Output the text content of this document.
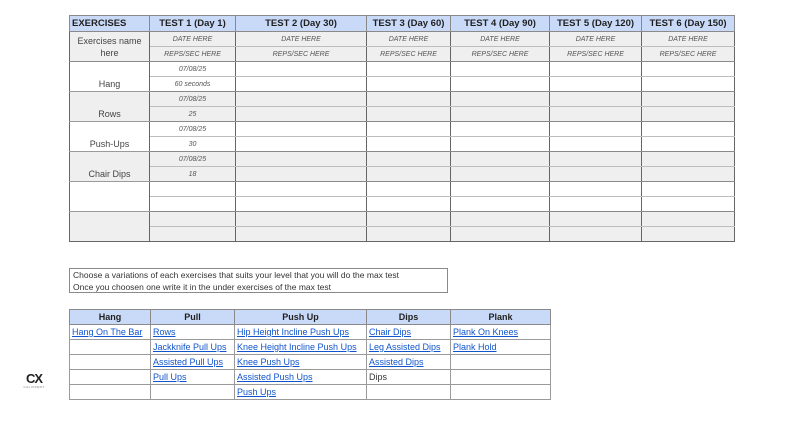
EXERCISES	TEST 1 (Day 1)	TEST 2 (Day 30)	TEST 3 (Day 60)	TEST 4 (Day 90)	TEST 5 (Day 120)	TEST 6 (Day 150)
Exercises name here	DATE HERE	DATE HERE	DATE HERE	DATE HERE	DATE HERE	DATE HERE
	REPS/SEC HERE	REPS/SEC HERE	REPS/SEC HERE	REPS/SEC HERE	REPS/SEC HERE	REPS/SEC HERE
Hang	07/08/25					
	60 seconds					
Rows	07/08/25					
	25					
Push-Ups	07/08/25					
	30					
Chair Dips	07/08/25					
	18					

Choose a variations of each exercises that suits your level that you will do the max test
Once you choosen one write it in the under exercises of the max test
Hang	Pull	Push Up	Dips	Plank
Hang On The Bar	Rows	Hip Height Incline Push Ups	Chair Dips	Plank On Knees
	Jackknife Pull Ups	Knee Height Incline Push Ups	Leg Assisted Dips	Plank Hold
	Assisted Pull Ups	Knee Push Ups	Assisted Dips	
	Pull Ups	Assisted Push Ups	Dips	
		Push Ups		
CX
CALIXPERT
